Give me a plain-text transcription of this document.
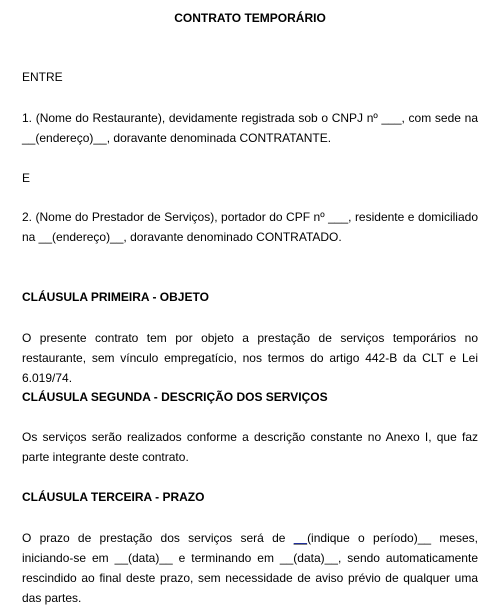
CONTRATO TEMPORÁRIO
ENTRE
1. (Nome do Restaurante), devidamente registrada sob o CNPJ nº ___, com sede na __(endereço)__, doravante denominada CONTRATANTE.
E
2. (Nome do Prestador de Serviços), portador do CPF nº ___, residente e domiciliado na __(endereço)__, doravante denominado CONTRATADO.
CLÁUSULA PRIMEIRA - OBJETO
O presente contrato tem por objeto a prestação de serviços temporários no restaurante, sem vínculo empregatício, nos termos do artigo 442-B da CLT e Lei 6.019/74.
CLÁUSULA SEGUNDA - DESCRIÇÃO DOS SERVIÇOS
Os serviços serão realizados conforme a descrição constante no Anexo I, que faz parte integrante deste contrato.
CLÁUSULA TERCEIRA - PRAZO
O prazo de prestação dos serviços será de __(indique o período)__ meses, iniciando-se em __(data)__ e terminando em __(data)__, sendo automaticamente rescindido ao final deste prazo, sem necessidade de aviso prévio de qualquer uma das partes.
